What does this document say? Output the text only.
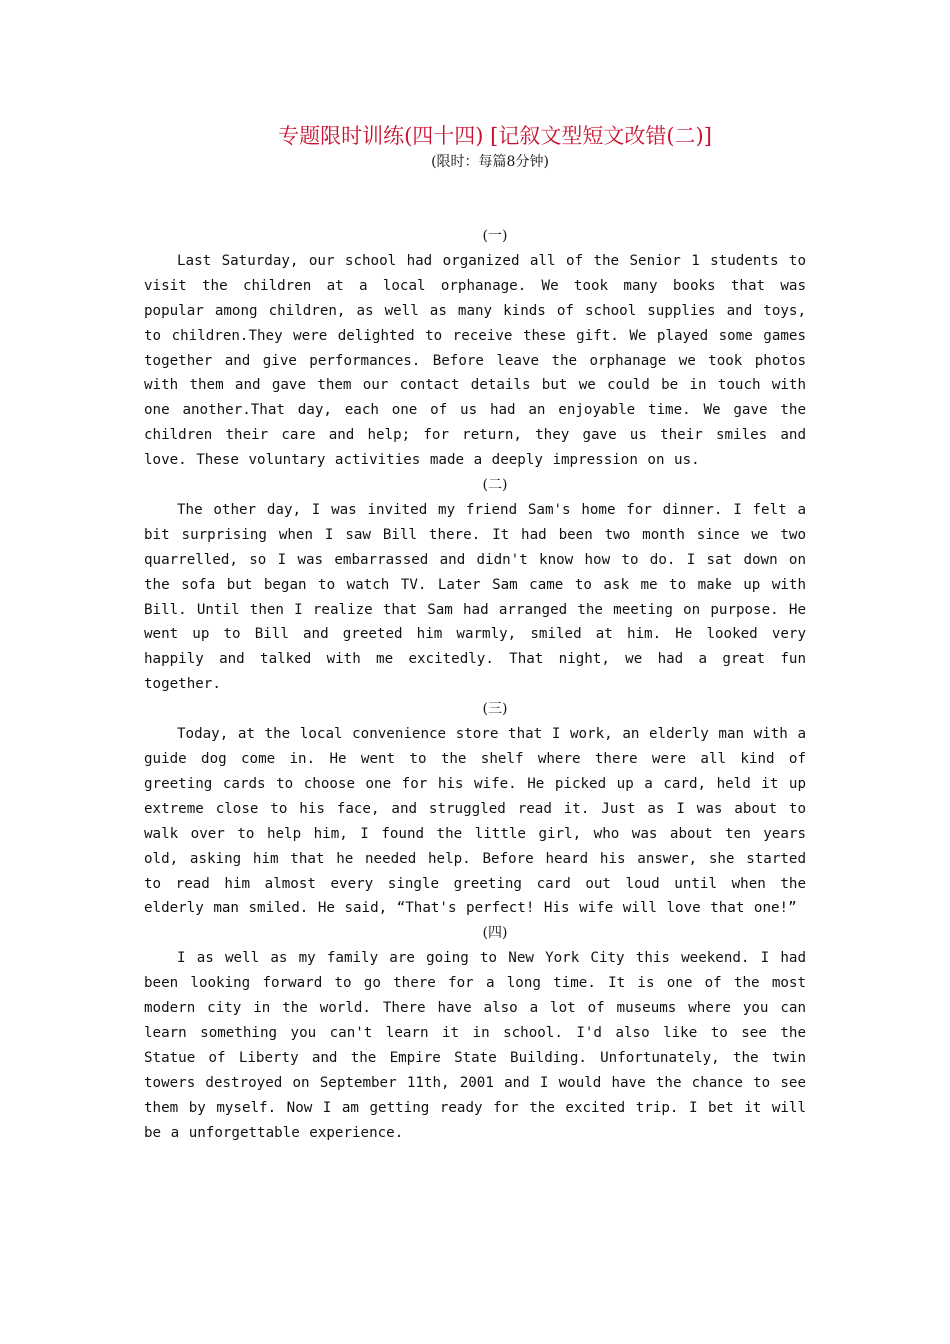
专题限时训练(四十四) [记叙文型短文改错(二)]
(限时：每篇8分钟)
(一)
Last Saturday, our school had organized all of the Senior 1 students to visit the children at a local orphanage. We took many books that was popular among children, as well as many kinds of school supplies and toys, to children.They were delighted to receive these gift. We played some games together and give performances. Before leave the orphanage we took photos with them and gave them our contact details but we could be in touch with one another.That day, each one of us had an enjoyable time. We gave the children their care and help; for return, they gave us their smiles and love. These voluntary activities made a deeply impression on us.
(二)
The other day, I was invited my friend Sam's home for dinner. I felt a bit surprising when I saw Bill there. It had been two month since we two quarrelled, so I was embarrassed and didn't know how to do. I sat down on the sofa but began to watch TV. Later Sam came to ask me to make up with Bill. Until then I realize that Sam had arranged the meeting on purpose. He went up to Bill and greeted him warmly, smiled at him. He looked very happily and talked with me excitedly. That night, we had a great fun together.
(三)
Today, at the local convenience store that I work, an elderly man with a guide dog come in. He went to the shelf where there were all kind of greeting cards to choose one for his wife. He picked up a card, held it up extreme close to his face, and struggled read it. Just as I was about to walk over to help him, I found the little girl, who was about ten years old, asking him that he needed help. Before heard his answer, she started to read him almost every single greeting card out loud until when the elderly man smiled. He said, “That's perfect! His wife will love that one!”
(四)
I as well as my family are going to New York City this weekend. I had been looking forward to go there for a long time. It is one of the most modern city in the world. There have also a lot of museums where you can learn something you can't learn it in school. I'd also like to see the Statue of Liberty and the Empire State Building. Unfortunately, the twin towers destroyed on September 11th, 2001 and I would have the chance to see them by myself. Now I am getting ready for the excited trip. I bet it will be a unforgettable experience.
